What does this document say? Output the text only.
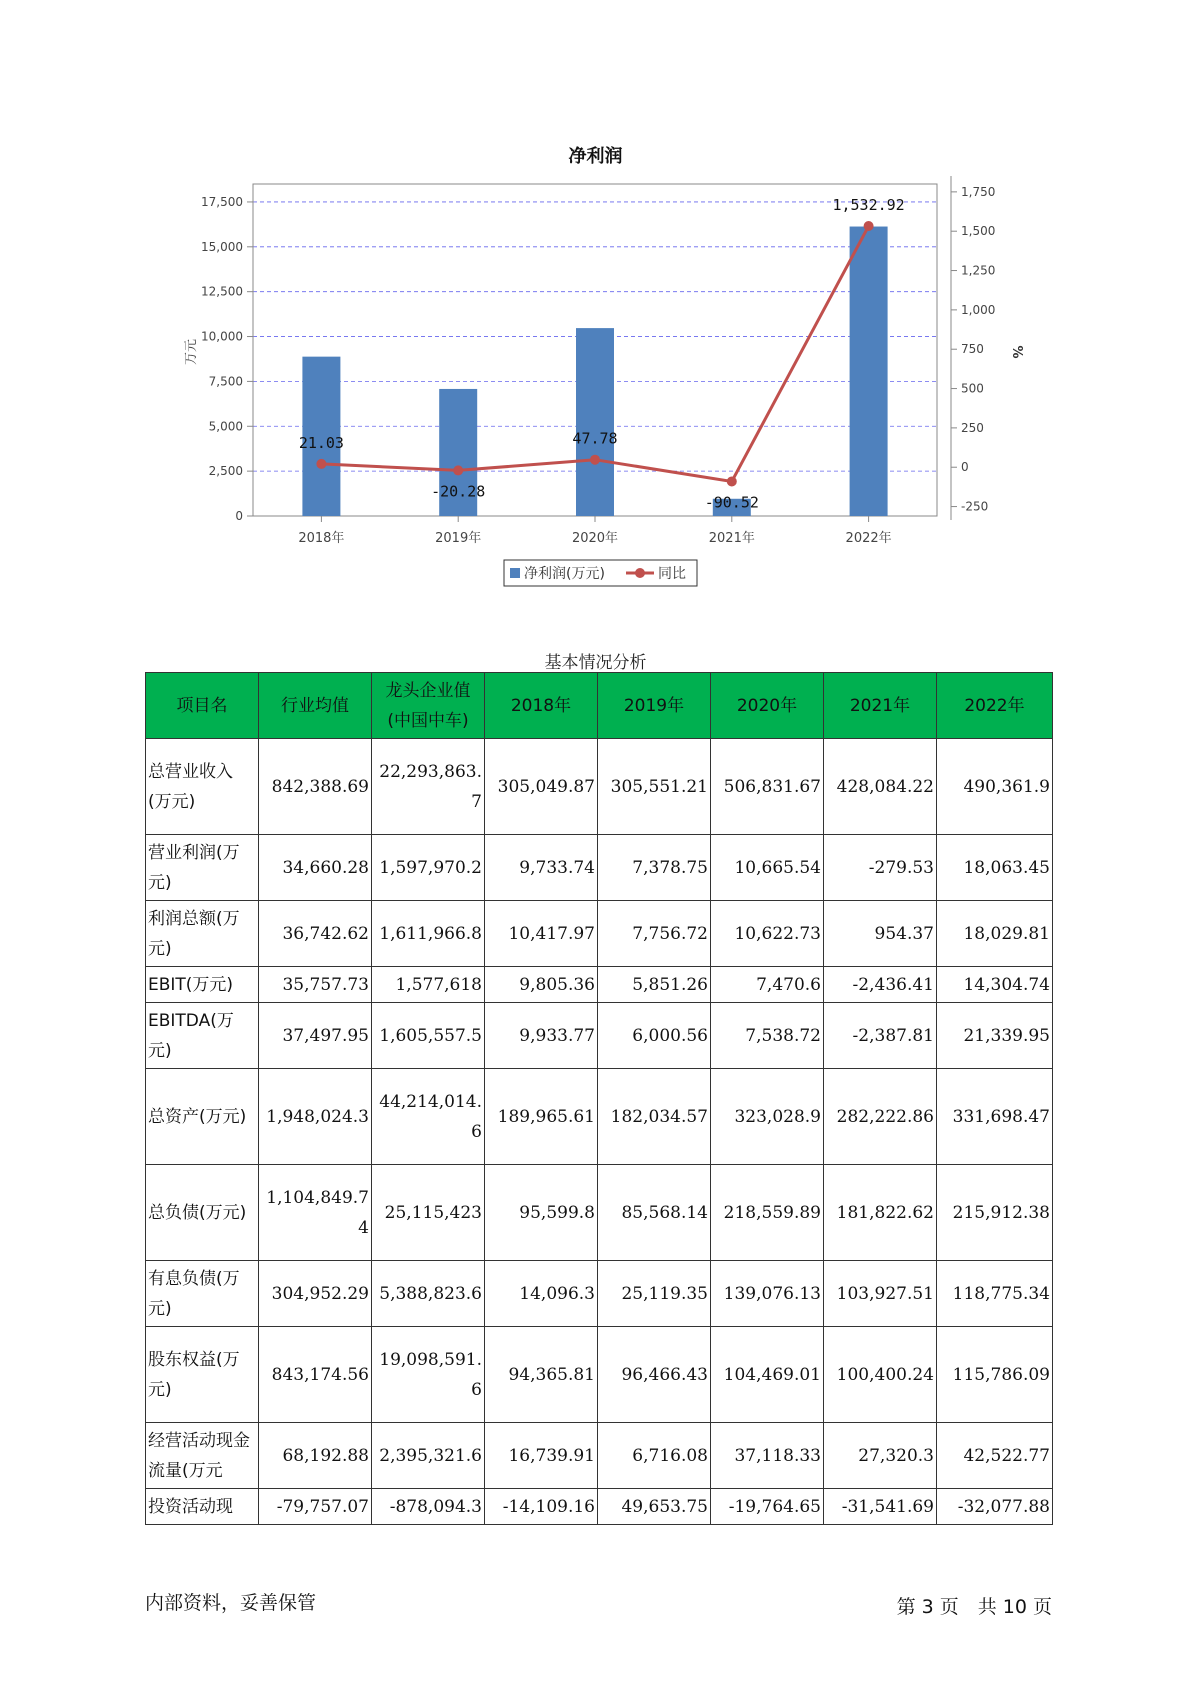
净利润
0
2,500
5,000
7,500
10,000
12,500
15,000
17,500
-250
0
250
500
750
1,000
1,250
1,500
1,750
万元	%
2018年	2019年	2020年	2021年	2022年
21.03
-20.28
47.78
-90.52
1,532.92
净利润(万元)	同比
基本情况分析
项目名	行业均值	龙头企业值(中国中车)	2018年	2019年	2020年	2021年	2022年
总营业收入(万元)	842,388.69	22,293,863.7	305,049.87	305,551.21	506,831.67	428,084.22	490,361.9
营业利润(万元)	34,660.28	1,597,970.2	9,733.74	7,378.75	10,665.54	-279.53	18,063.45
利润总额(万元)	36,742.62	1,611,966.8	10,417.97	7,756.72	10,622.73	954.37	18,029.81
EBIT(万元)	35,757.73	1,577,618	9,805.36	5,851.26	7,470.6	-2,436.41	14,304.74
EBITDA(万元)	37,497.95	1,605,557.5	9,933.77	6,000.56	7,538.72	-2,387.81	21,339.95
总资产(万元)	1,948,024.3	44,214,014.6	189,965.61	182,034.57	323,028.9	282,222.86	331,698.47
总负债(万元)	1,104,849.74	25,115,423	95,599.8	85,568.14	218,559.89	181,822.62	215,912.38
有息负债(万元)	304,952.29	5,388,823.6	14,096.3	25,119.35	139,076.13	103,927.51	118,775.34
股东权益(万元)	843,174.56	19,098,591.6	94,365.81	96,466.43	104,469.01	100,400.24	115,786.09
经营活动现金流量(万元	68,192.88	2,395,321.6	16,739.91	6,716.08	37,118.33	27,320.3	42,522.77
投资活动现	-79,757.07	-878,094.3	-14,109.16	49,653.75	-19,764.65	-31,541.69	-32,077.88
内部资料，妥善保管	第 3 页　共 10 页
